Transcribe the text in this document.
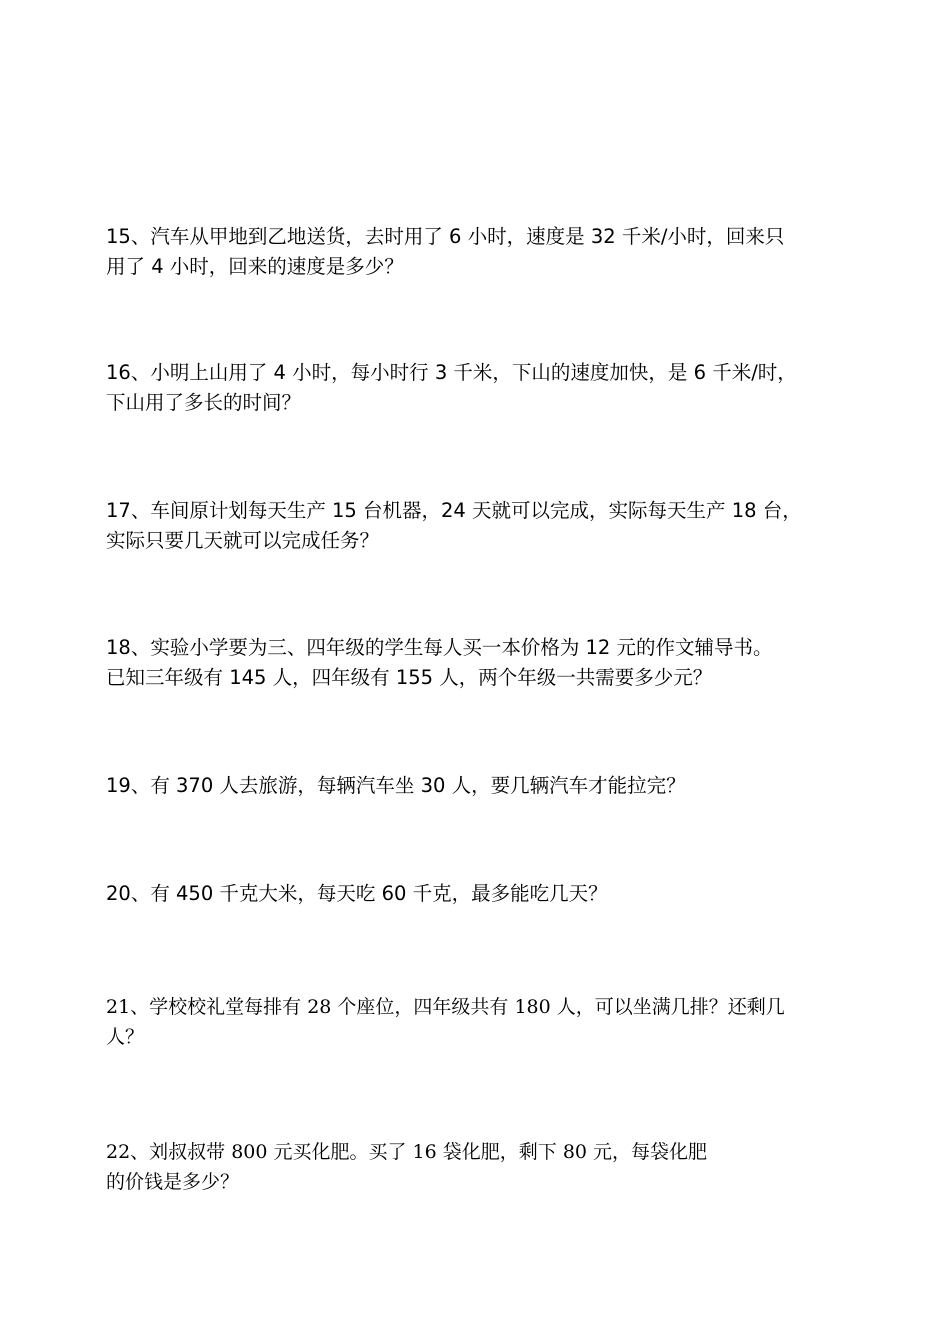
15、汽车从甲地到乙地送货，去时用了 6 小时，速度是 32 千米/小时，回来只

用了 4 小时，回来的速度是多少？

16、小明上山用了 4 小时，每小时行 3 千米，下山的速度加快，是 6 千米/时，

下山用了多长的时间？

17、车间原计划每天生产 15 台机器，24 天就可以完成，实际每天生产 18 台，

实际只要几天就可以完成任务？

18、实验小学要为三、四年级的学生每人买一本价格为 12 元的作文辅导书。

已知三年级有 145 人，四年级有 155 人，两个年级一共需要多少元？

19、有 370 人去旅游，每辆汽车坐 30 人，要几辆汽车才能拉完？

20、有 450 千克大米，每天吃 60 千克，最多能吃几天？

21、学校校礼堂每排有 28 个座位，四年级共有 180 人，可以坐满几排？还剩几

人？

22、刘叔叔带 800 元买化肥。买了 16 袋化肥，剩下 80 元，每袋化肥

的价钱是多少？
